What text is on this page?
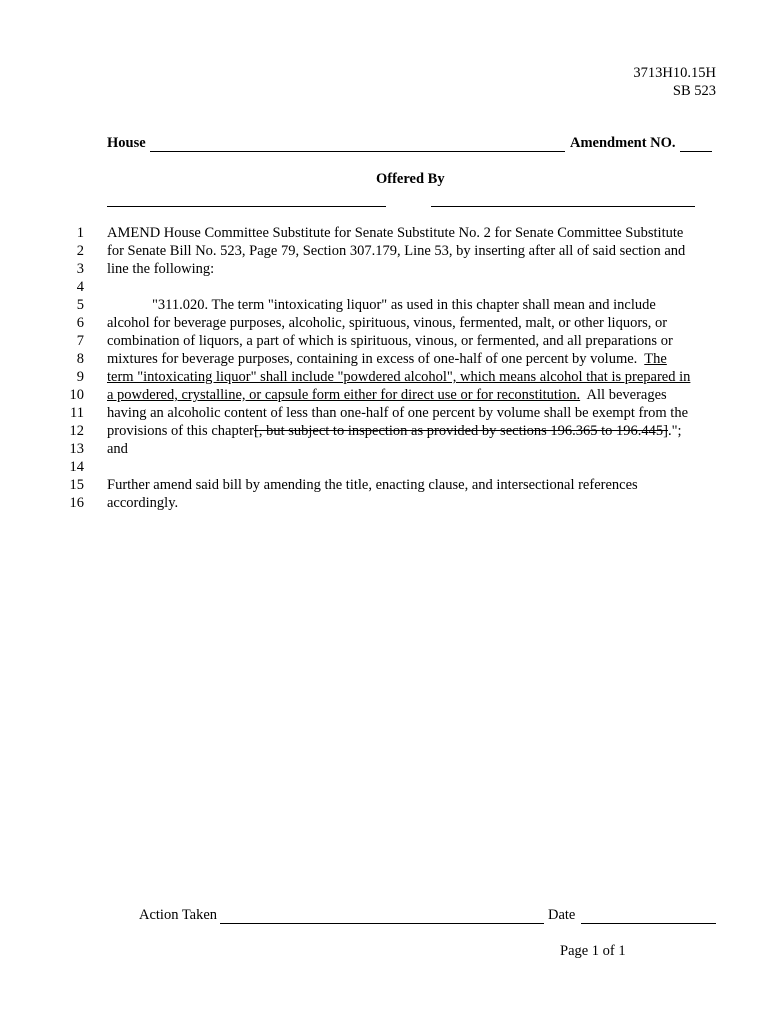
3713H10.15H
SB 523
House	Amendment NO.
Offered By
1
2
3
4
5
6
7
8
9
10
11
12
13
14
15
16
AMEND House Committee Substitute for Senate Substitute No. 2 for Senate Committee Substitute
for Senate Bill No. 523, Page 79, Section 307.179, Line 53, by inserting after all of said section and
line the following:
"311.020. The term "intoxicating liquor" as used in this chapter shall mean and include
alcohol for beverage purposes, alcoholic, spirituous, vinous, fermented, malt, or other liquors, or
combination of liquors, a part of which is spirituous, vinous, or fermented, and all preparations or
mixtures for beverage purposes, containing in excess of one-half of one percent by volume.  The
term "intoxicating liquor" shall include "powdered alcohol", which means alcohol that is prepared in
a powdered, crystalline, or capsule form either for direct use or for reconstitution.  All beverages
having an alcoholic content of less than one-half of one percent by volume shall be exempt from the
provisions of this chapter[, but subject to inspection as provided by sections 196.365 to 196.445].";
and
Further amend said bill by amending the title, enacting clause, and intersectional references
accordingly.
Action Taken	Date
Page 1 of 1
